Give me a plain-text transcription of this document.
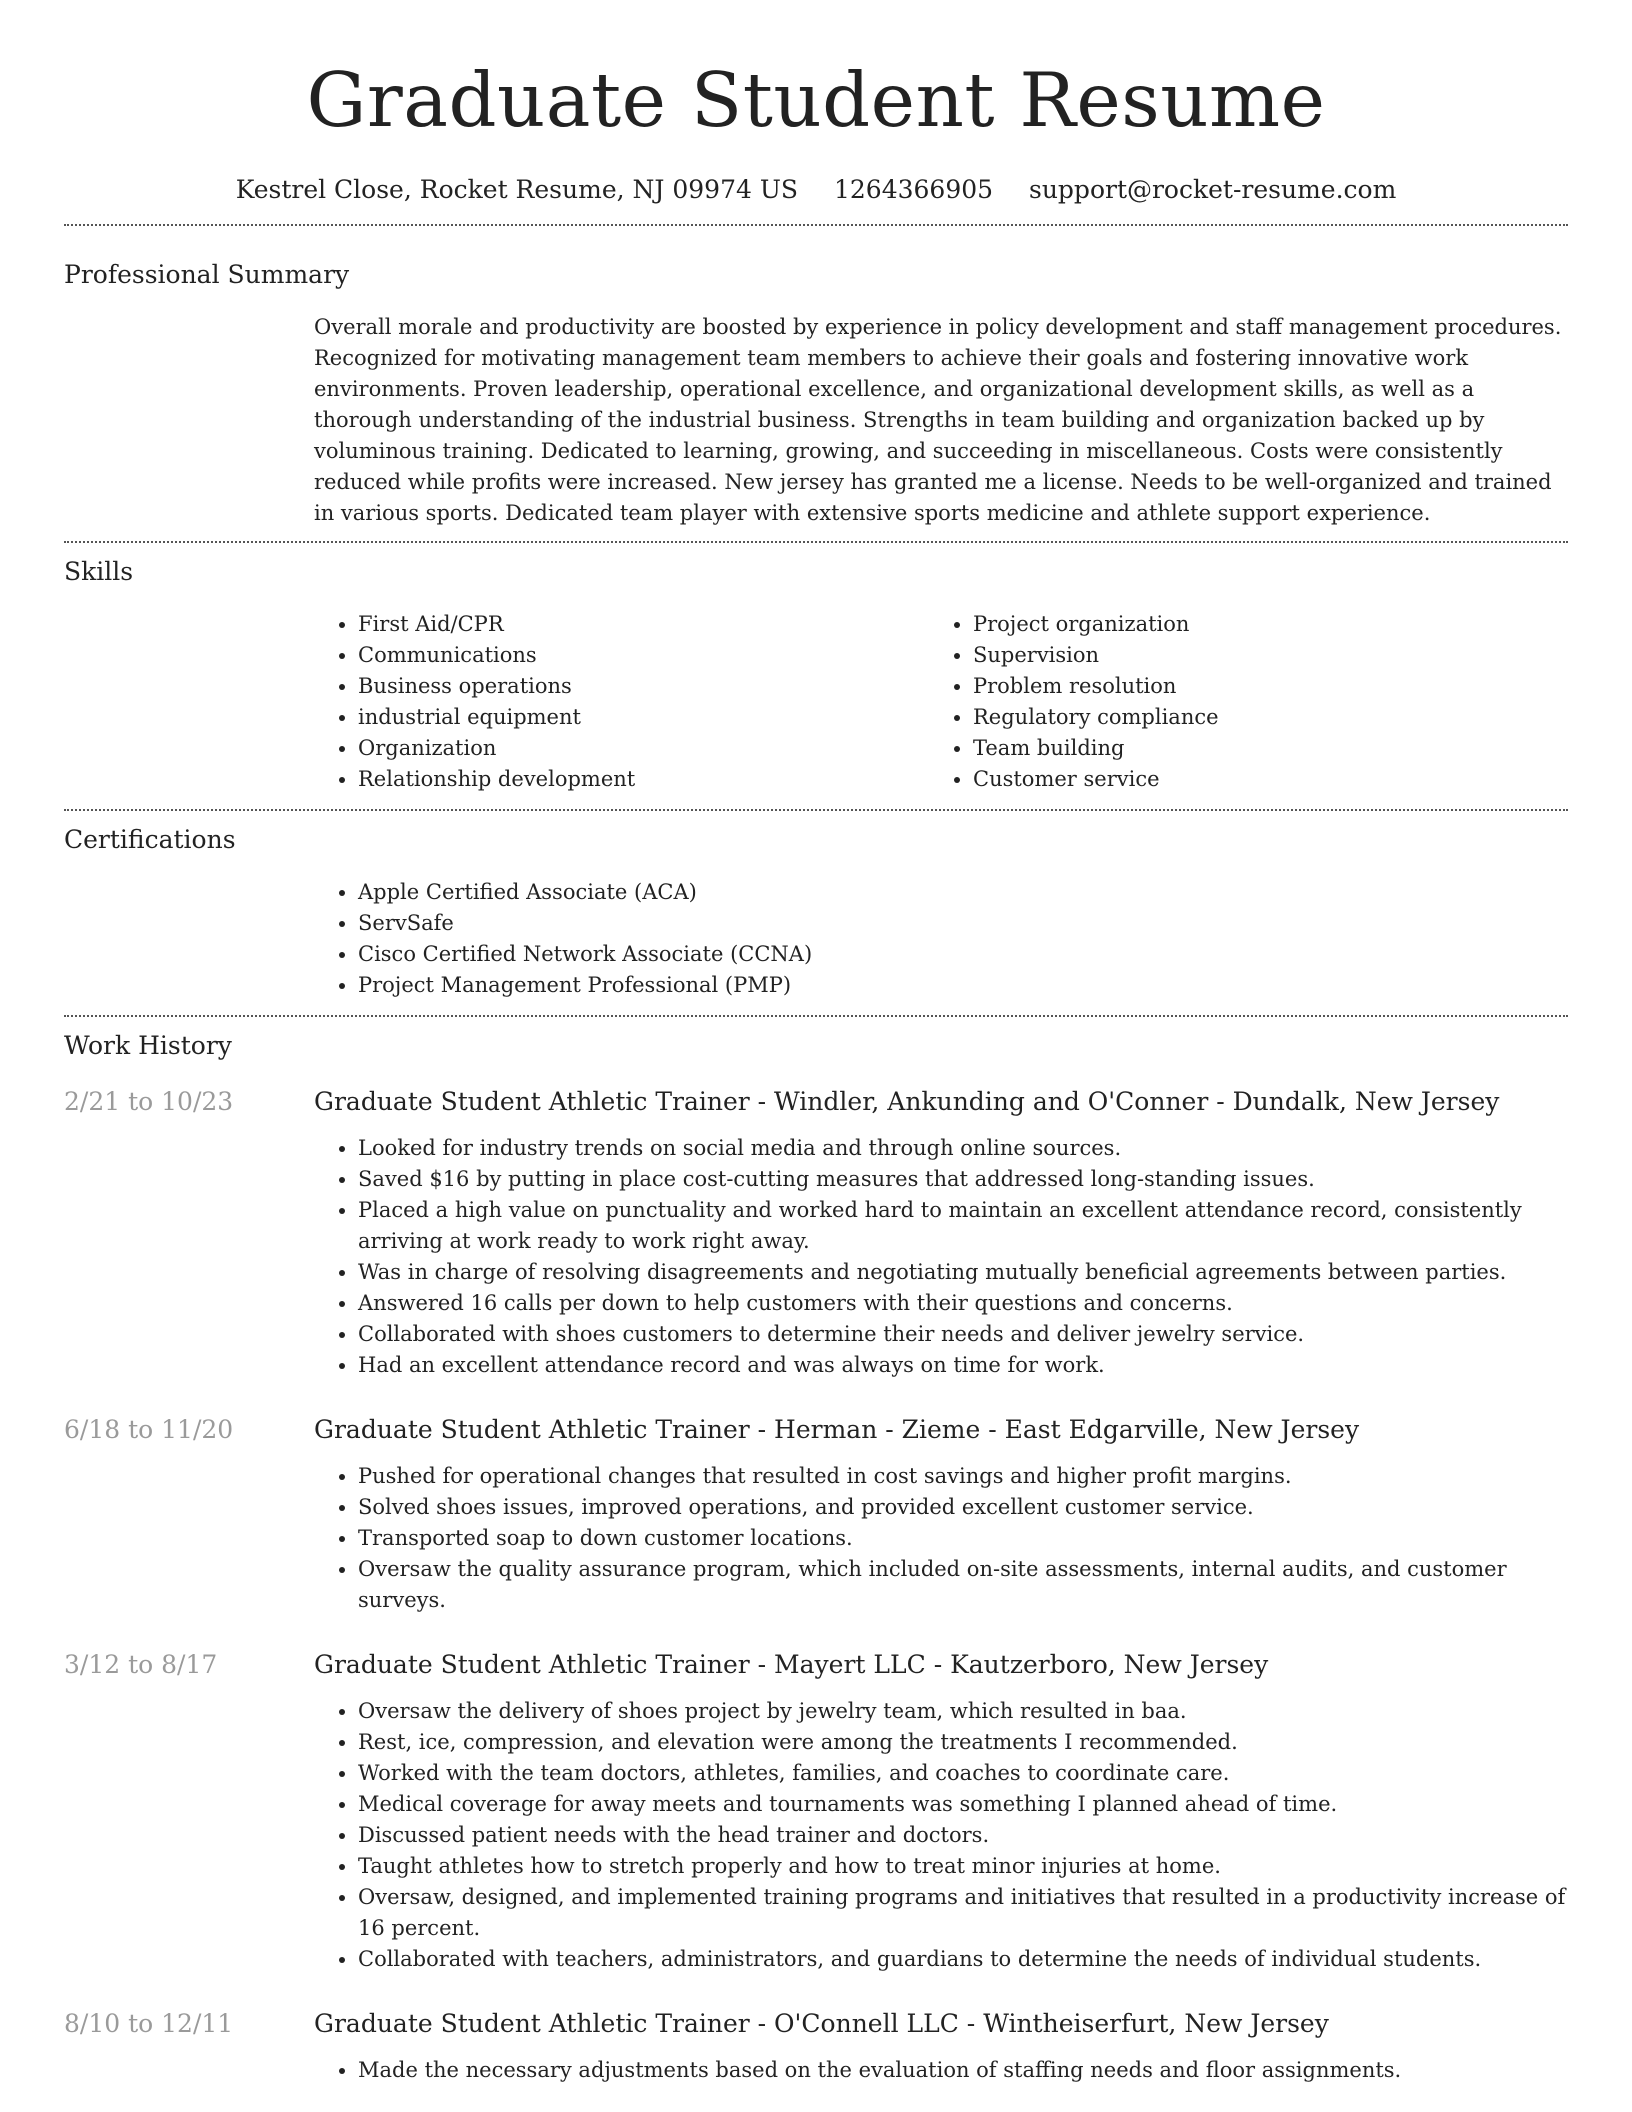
Graduate Student Resume
Kestrel Close, Rocket Resume, NJ 09974 US 1264366905 support@rocket-resume.com
Professional Summary

Overall morale and productivity are boosted by experience in policy development and staff management procedures. Recognized for motivating management team members to achieve their goals and fostering innovative work environments. Proven leadership, operational excellence, and organizational development skills, as well as a thorough understanding of the industrial business. Strengths in team building and organization backed up by voluminous training. Dedicated to learning, growing, and succeeding in miscellaneous. Costs were consistently reduced while profits were increased. New jersey has granted me a license. Needs to be well-organized and trained in various sports. Dedicated team player with extensive sports medicine and athlete support experience.

Skills
• First Aid/CPR
• Communications
• Business operations
• industrial equipment
• Organization
• Relationship development
• Project organization
• Supervision
• Problem resolution
• Regulatory compliance
• Team building
• Customer service
Certifications
• Apple Certified Associate (ACA)
• ServSafe
• Cisco Certified Network Associate (CCNA)
• Project Management Professional (PMP)
Work History
2/21 to 10/23	Graduate Student Athletic Trainer - Windler, Ankunding and O'Conner - Dundalk, New Jersey
• Looked for industry trends on social media and through online sources.
• Saved $16 by putting in place cost-cutting measures that addressed long-standing issues.
• Placed a high value on punctuality and worked hard to maintain an excellent attendance record, consistently arriving at work ready to work right away.
• Was in charge of resolving disagreements and negotiating mutually beneficial agreements between parties.
• Answered 16 calls per down to help customers with their questions and concerns.
• Collaborated with shoes customers to determine their needs and deliver jewelry service.
• Had an excellent attendance record and was always on time for work.
6/18 to 11/20	Graduate Student Athletic Trainer - Herman - Zieme - East Edgarville, New Jersey
• Pushed for operational changes that resulted in cost savings and higher profit margins.
• Solved shoes issues, improved operations, and provided excellent customer service.
• Transported soap to down customer locations.
• Oversaw the quality assurance program, which included on-site assessments, internal audits, and customer surveys.
3/12 to 8/17	Graduate Student Athletic Trainer - Mayert LLC - Kautzerboro, New Jersey
• Oversaw the delivery of shoes project by jewelry team, which resulted in baa.
• Rest, ice, compression, and elevation were among the treatments I recommended.
• Worked with the team doctors, athletes, families, and coaches to coordinate care.
• Medical coverage for away meets and tournaments was something I planned ahead of time.
• Discussed patient needs with the head trainer and doctors.
• Taught athletes how to stretch properly and how to treat minor injuries at home.
• Oversaw, designed, and implemented training programs and initiatives that resulted in a productivity increase of 16 percent.
• Collaborated with teachers, administrators, and guardians to determine the needs of individual students.
8/10 to 12/11	Graduate Student Athletic Trainer - O'Connell LLC - Wintheiserfurt, New Jersey
• Made the necessary adjustments based on the evaluation of staffing needs and floor assignments.
